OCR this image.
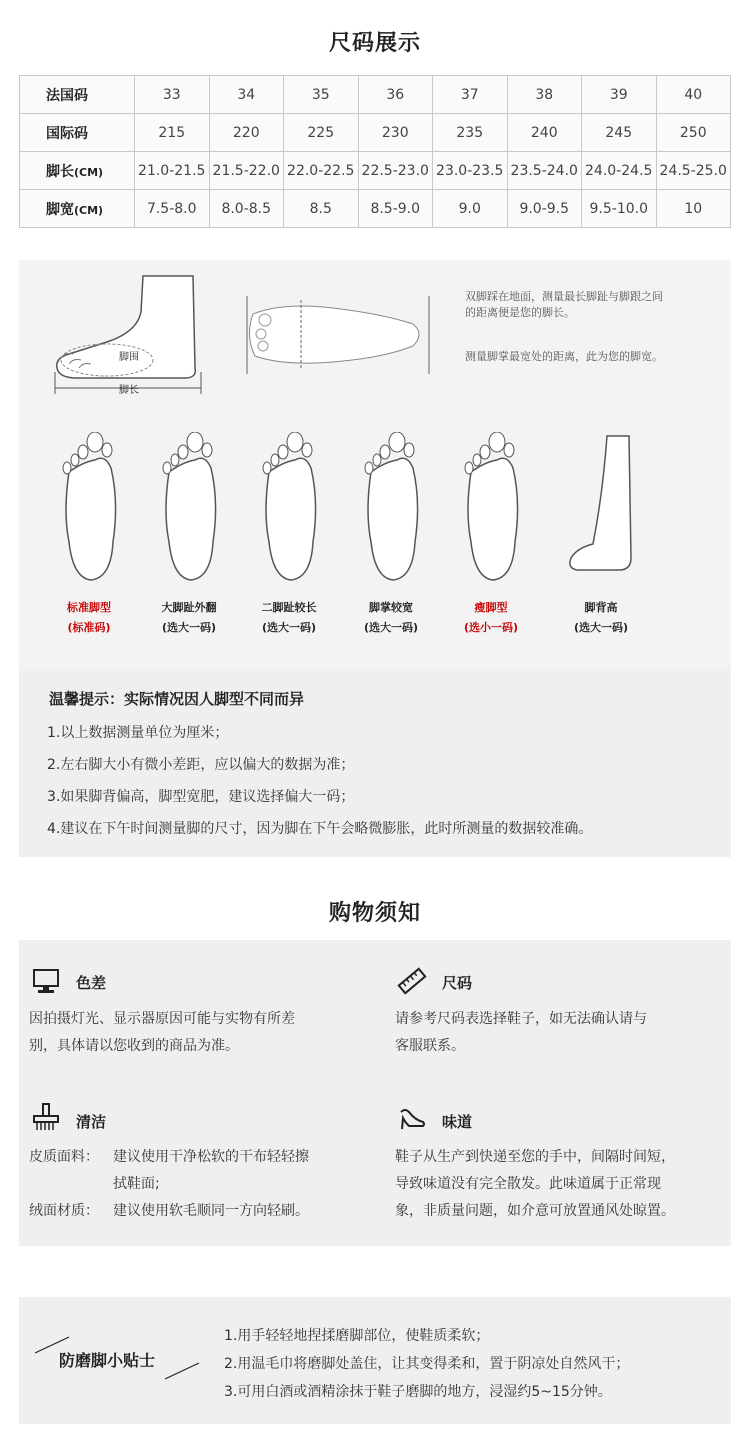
尺码展示
法国码	33	34	35	36	37	38	39	40
国际码	215	220	225	230	235	240	245	250
脚长(CM)	21.0-21.5	21.5-22.0	22.0-22.5	22.5-23.0	23.0-23.5	23.5-24.0	24.0-24.5	24.5-25.0
脚宽(CM)	7.5-8.0	8.0-8.5	8.5	8.5-9.0	9.0	9.0-9.5	9.5-10.0	10
脚围
脚长
双脚踩在地面，测量最长脚趾与脚跟之间
的距离便是您的脚长。
测量脚掌最宽处的距离，此为您的脚宽。
标准脚型
(标准码)
大脚趾外翻
(选大一码)
二脚趾较长
(选大一码)
脚掌较宽
(选大一码)
瘦脚型
(选小一码)
脚背高
(选大一码)
温馨提示：实际情况因人脚型不同而异
1.以上数据测量单位为厘米；
2.左右脚大小有微小差距，应以偏大的数据为准；
3.如果脚背偏高，脚型宽肥，建议选择偏大一码；
4.建议在下午时间测量脚的尺寸，因为脚在下午会略微膨胀，此时所测量的数据较准确。
购物须知
色差
因拍摄灯光、显示器原因可能与实物有所差
别，具体请以您收到的商品为准。
尺码
请参考尺码表选择鞋子，如无法确认请与
客服联系。
清洁
皮质面料： 建议使用干净松软的干布轻轻擦
拭鞋面;
绒面材质： 建议使用软毛顺同一方向轻刷。
味道
鞋子从生产到快递至您的手中，间隔时间短，
导致味道没有完全散发。此味道属于正常现
象，非质量问题，如介意可放置通风处晾置。
防磨脚小贴士
1.用手轻轻地捏揉磨脚部位，使鞋质柔软；
2.用温毛巾将磨脚处盖住，让其变得柔和，置于阴凉处自然风干；
3.可用白酒或酒精涂抹于鞋子磨脚的地方，浸湿约5~15分钟。
